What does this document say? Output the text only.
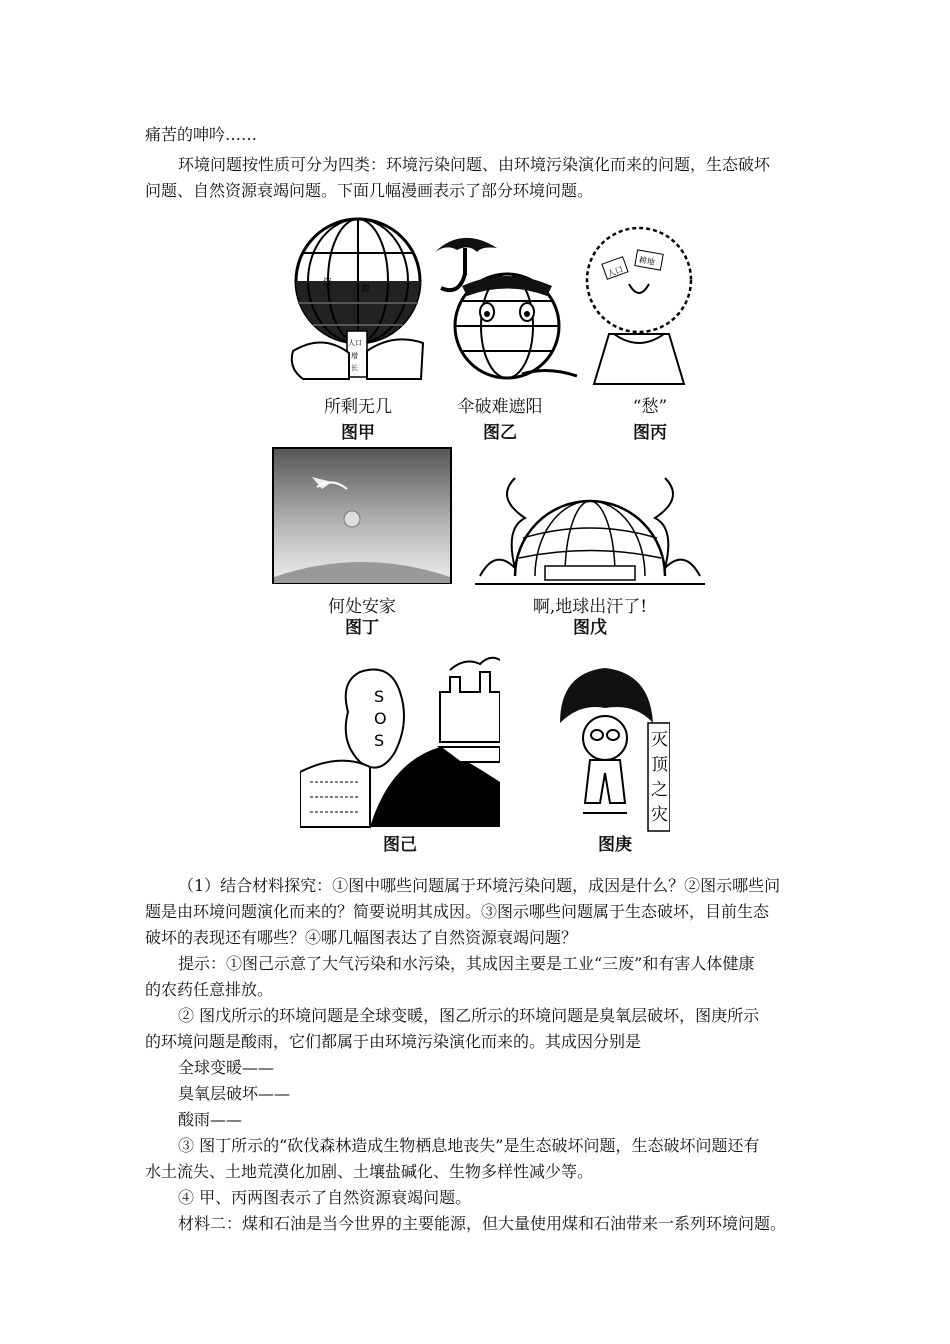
痛苦的呻吟……
环境问题按性质可分为四类：环境污染问题、由环境污染演化而来的问题，生态破坏
问题、自然资源衰竭问题。下面几幅漫画表示了部分环境问题。
资
源
人口
增
长
所剩无几
图甲
伞破难遮阳
图乙
人口
耕地
“愁”
图丙
何处安家
图丁
啊,地球出汗了!
图戊
S
O
S
图己
灭
顶
之
灾
图庚
（1）结合材料探究：①图中哪些问题属于环境污染问题，成因是什么？②图示哪些问
题是由环境问题演化而来的？简要说明其成因。③图示哪些问题属于生态破坏，目前生态
破坏的表现还有哪些？④哪几幅图表达了自然资源衰竭问题？
提示：①图己示意了大气污染和水污染，其成因主要是工业“三废”和有害人体健康
的农药任意排放。
② 图戊所示的环境问题是全球变暖，图乙所示的环境问题是臭氧层破坏，图庚所示
的环境问题是酸雨，它们都属于由环境污染演化而来的。其成因分别是
全球变暖——
臭氧层破坏——
酸雨——
③ 图丁所示的“砍伐森林造成生物栖息地丧失”是生态破坏问题，生态破坏问题还有
水土流失、土地荒漠化加剧、土壤盐碱化、生物多样性减少等。
④ 甲、丙两图表示了自然资源衰竭问题。
材料二：煤和石油是当今世界的主要能源，但大量使用煤和石油带来一系列环境问题。
